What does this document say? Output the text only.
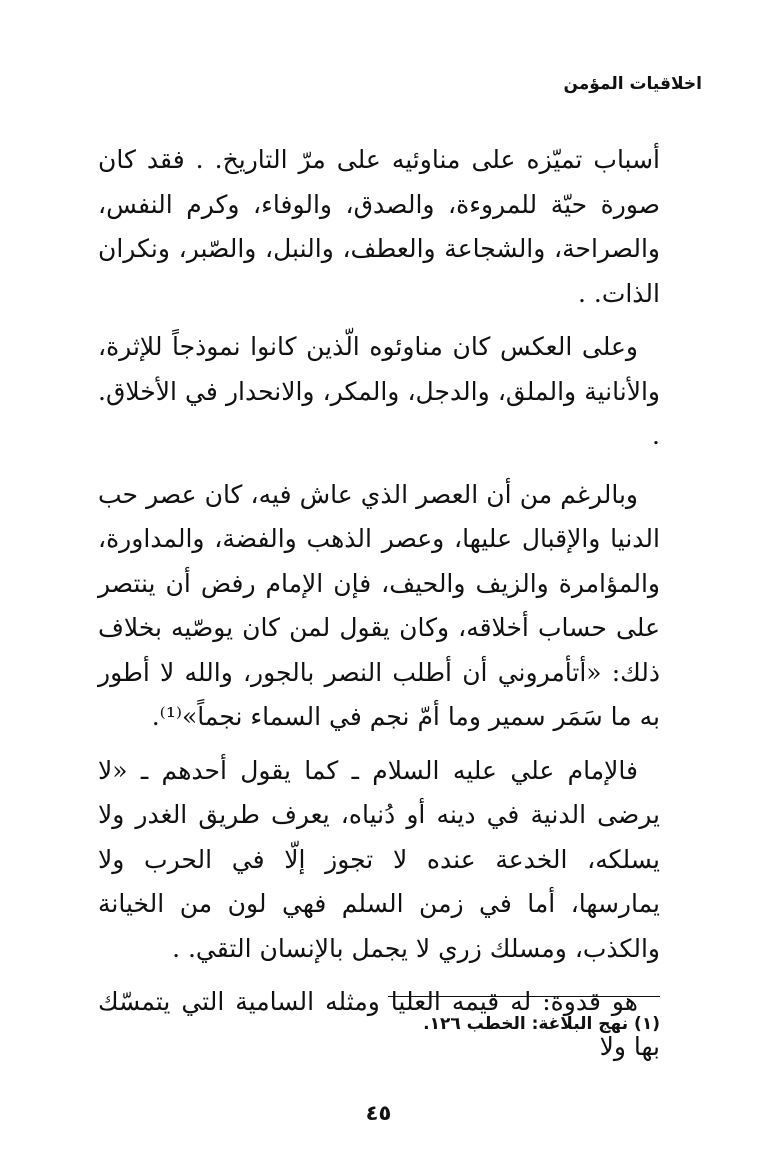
اخلاقيات المؤمن

أسباب تميّزه على مناوئيه على مرّ التاريخ. . فقد كان صورة حيّة للمروءة، والصدق، والوفاء، وكرم النفس، والصراحة، والشجاعة والعطف، والنبل، والصّبر، ونكران الذات. .

وعلى العكس كان مناوئوه الّذين كانوا نموذجاً للإثرة، والأنانية والملق، والدجل، والمكر، والانحدار في الأخلاق. .

وبالرغم من أن العصر الذي عاش فيه، كان عصر حب الدنيا والإقبال عليها، وعصر الذهب والفضة، والمداورة، والمؤامرة والزيف والحيف، فإن الإمام رفض أن ينتصر على حساب أخلاقه، وكان يقول لمن كان يوصّيه بخلاف ذلك: «أتأمروني أن أطلب النصر بالجور، والله لا أطور به ما سَمَر سمير وما أمّ نجم في السماء نجماً»⁽¹⁾.

فالإمام علي عليه السلام ـ كما يقول أحدهم ـ «لا يرضى الدنية في دينه أو دُنياه، يعرف طريق الغدر ولا يسلكه، الخدعة عنده لا تجوز إلّا في الحرب ولا يمارسها، أما في زمن السلم فهي لون من الخيانة والكذب، ومسلك زري لا يجمل بالإنسان التقي. .

هو قدوة: له قيمه العليا ومثله السامية التي يتمسّك بها ولا

(١) نهج البلاغة: الخطب ١٢٦.
٤٥
